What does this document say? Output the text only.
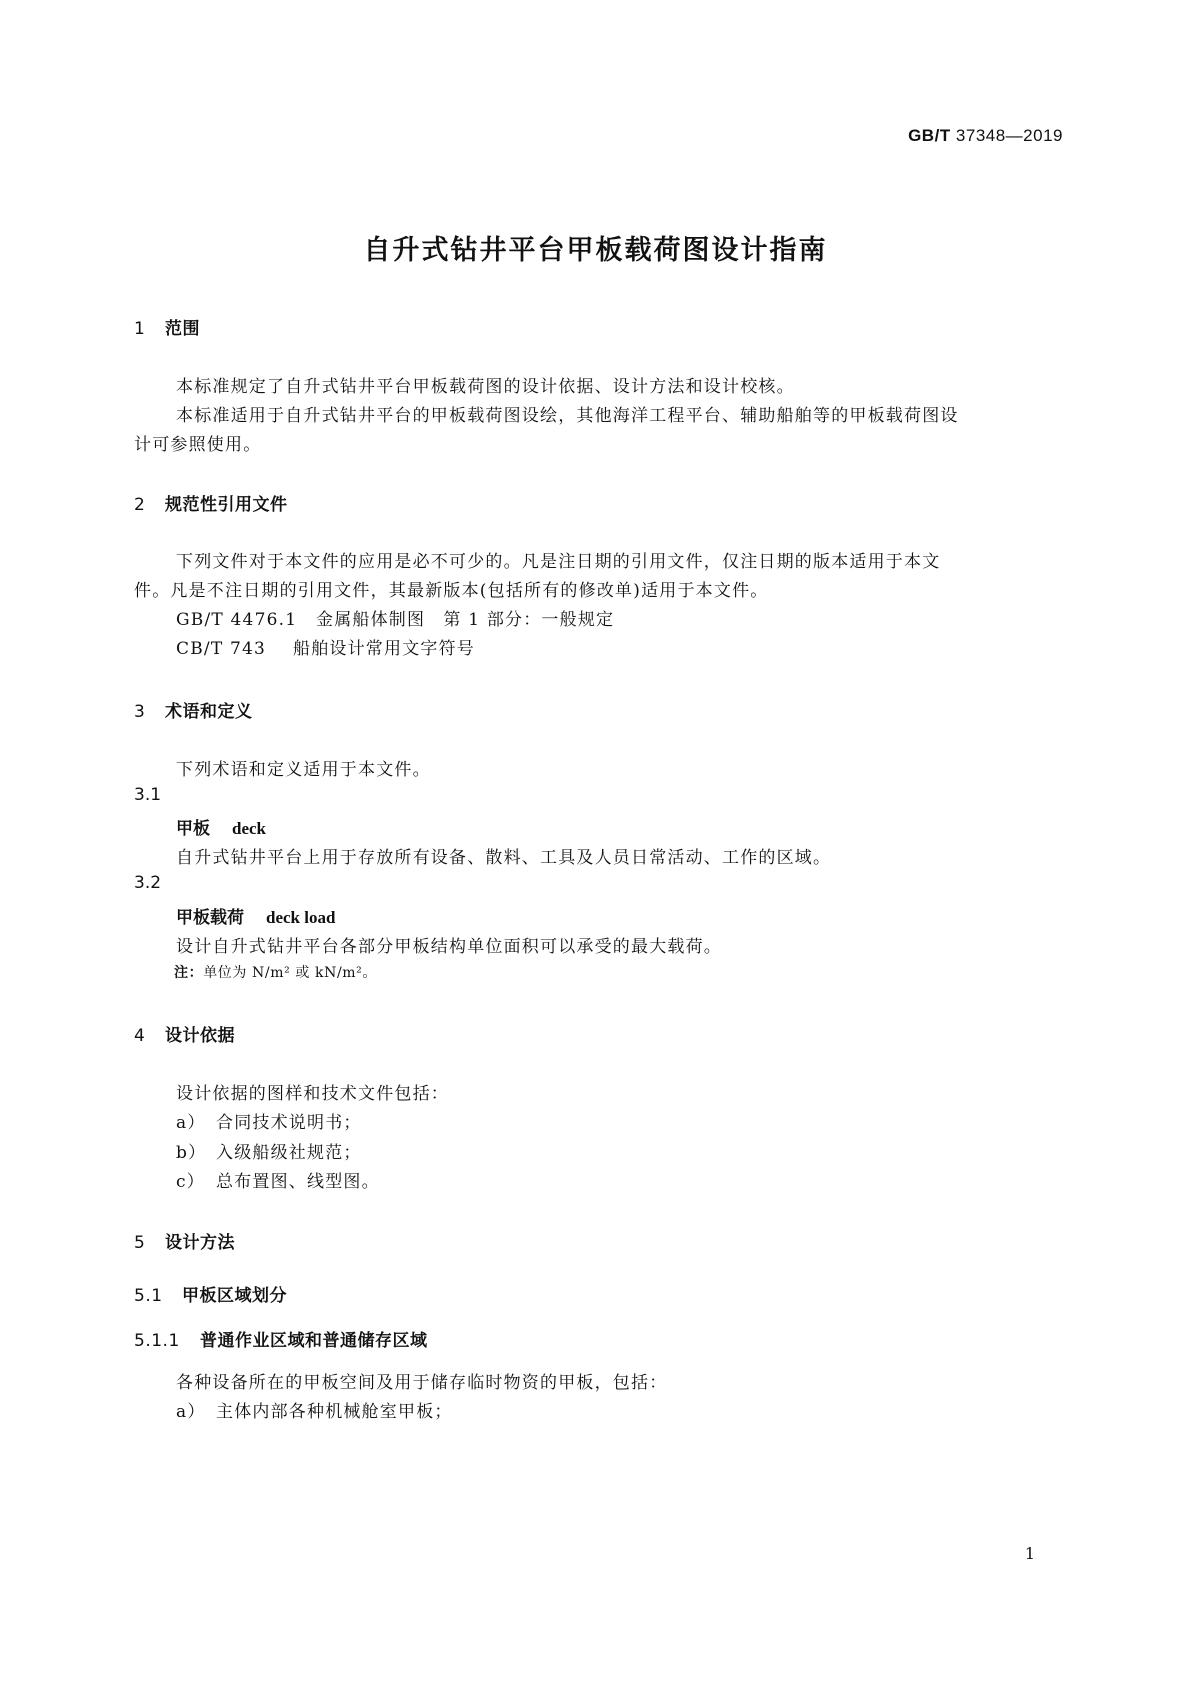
GB/T 37348—2019
自升式钻井平台甲板载荷图设计指南
1 范围
本标准规定了自升式钻井平台甲板载荷图的设计依据、设计方法和设计校核。
本标准适用于自升式钻井平台的甲板载荷图设绘，其他海洋工程平台、辅助船舶等的甲板载荷图设
计可参照使用。
2 规范性引用文件
下列文件对于本文件的应用是必不可少的。凡是注日期的引用文件，仅注日期的版本适用于本文
件。凡是不注日期的引用文件，其最新版本(包括所有的修改单)适用于本文件。
GB/T 4476.1 金属船体制图　第 1 部分：一般规定
CB/T 743 船舶设计常用文字符号
3 术语和定义
下列术语和定义适用于本文件。
3.1
甲板 deck
自升式钻井平台上用于存放所有设备、散料、工具及人员日常活动、工作的区域。
3.2
甲板载荷 deck load
设计自升式钻井平台各部分甲板结构单位面积可以承受的最大载荷。
注：单位为 N/m² 或 kN/m²。
4 设计依据
设计依据的图样和技术文件包括：
a） 合同技术说明书；
b） 入级船级社规范；
c） 总布置图、线型图。
5 设计方法
5.1 甲板区域划分
5.1.1 普通作业区域和普通储存区域
各种设备所在的甲板空间及用于储存临时物资的甲板，包括：
a） 主体内部各种机械舱室甲板；
1
